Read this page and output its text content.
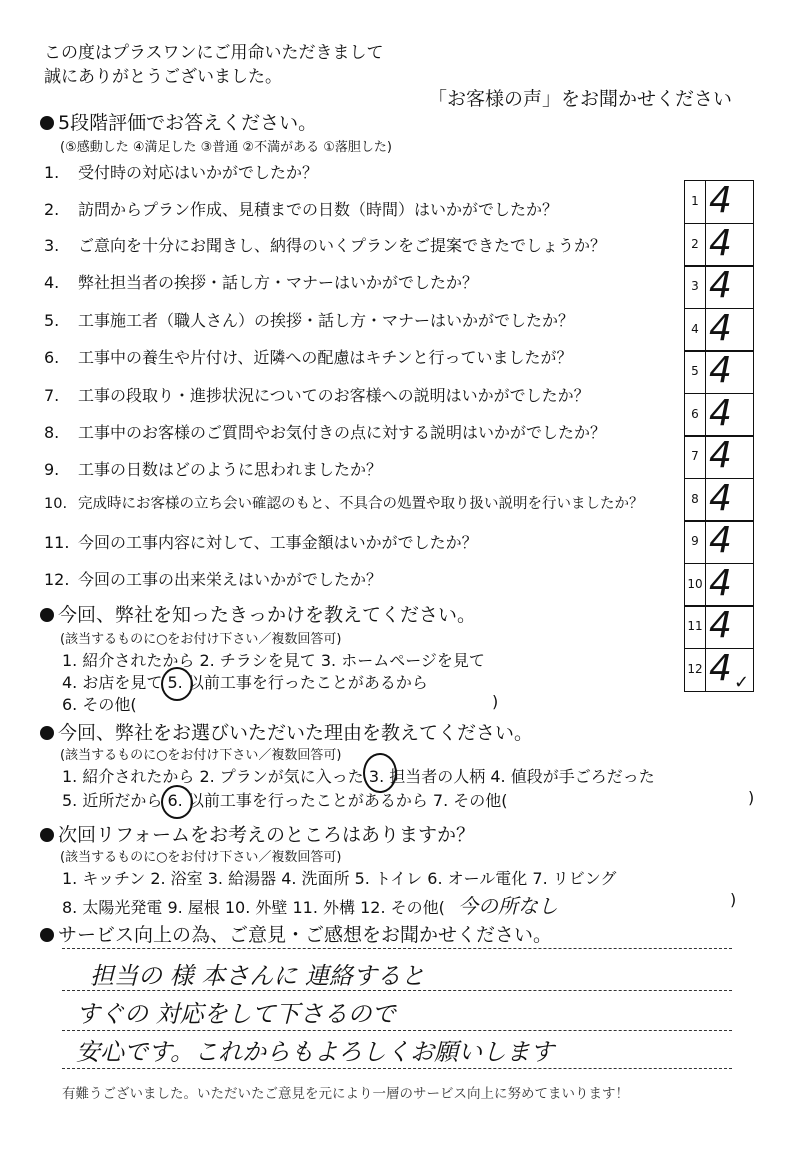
この度はプラスワンにご用命いただきまして
誠にありがとうございました。
「お客様の声」をお聞かせください
5段階評価でお答えください。
(⑤感動した ④満足した ③普通 ②不満がある ①落胆した)
1. 受付時の対応はいかがでしたか？
2. 訪問からプラン作成、見積までの日数（時間）はいかがでしたか？
3. ご意向を十分にお聞きし、納得のいくプランをご提案できたでしょうか？
4. 弊社担当者の挨拶・話し方・マナーはいかがでしたか？
5. 工事施工者（職人さん）の挨拶・話し方・マナーはいかがでしたか？
6. 工事中の養生や片付け、近隣への配慮はキチンと行っていましたが？
7. 工事の段取り・進捗状況についてのお客様への説明はいかがでしたか？
8. 工事中のお客様のご質問やお気付きの点に対する説明はいかがでしたか？
9. 工事の日数はどのように思われましたか？
10. 完成時にお客様の立ち会い確認のもと、不具合の処置や取り扱い説明を行いましたか？
11. 今回の工事内容に対して、工事金額はいかがでしたか？
12. 今回の工事の出来栄えはいかがでしたか？
1 4
2 4
3 4
4 4
5 4
6 4
7 4
8 4
9 4
10 4
11 4
12 4 ✓
今回、弊社を知ったきっかけを教えてください。
(該当するものに○をお付け下さい／複数回答可)
1. 紹介されたから 2. チラシを見て 3. ホームページを見て
4. お店を見て 5. 以前工事を行ったことがあるから
6. その他(	)
今回、弊社をお選びいただいた理由を教えてください。
(該当するものに○をお付け下さい／複数回答可)
1. 紹介されたから 2. プランが気に入った 3. 担当者の人柄 4. 値段が手ごろだった
5. 近所だから 6. 以前工事を行ったことがあるから 7. その他(	)
次回リフォームをお考えのところはありますか？
(該当するものに○をお付け下さい／複数回答可)
1. キッチン 2. 浴室 3. 給湯器 4. 洗面所 5. トイレ 6. オール電化 7. リビング
8. 太陽光発電 9. 屋根 10. 外壁 11. 外構 12. その他( 今の所なし	)
サービス向上の為、ご意見・ご感想をお聞かせください。
担当の 様 本さんに 連絡すると
すぐの 対応をして下さるので
安心です。これからもよろしくお願いします
有難うございました。いただいたご意見を元により一層のサービス向上に努めてまいります！
